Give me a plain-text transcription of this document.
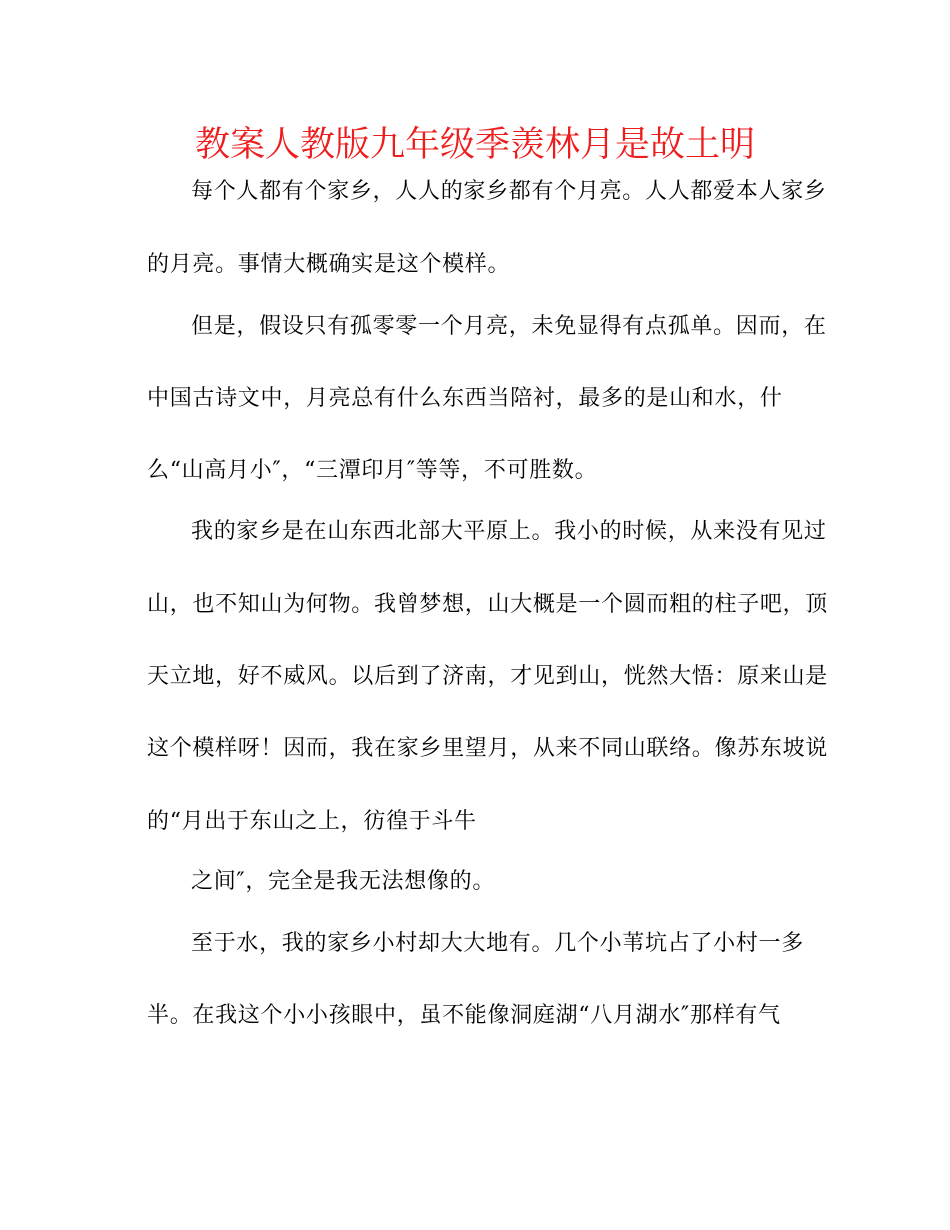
教案人教版九年级季羡林月是故土明
每个人都有个家乡，人人的家乡都有个月亮。人人都爱本人家乡
的月亮。事情大概确实是这个模样。
但是，假设只有孤零零一个月亮，未免显得有点孤单。因而，在
中国古诗文中，月亮总有什么东西当陪衬，最多的是山和水，什
么“山高月小″，“三潭印月″等等，不可胜数。
我的家乡是在山东西北部大平原上。我小的时候，从来没有见过
山，也不知山为何物。我曾梦想，山大概是一个圆而粗的柱子吧，顶
天立地，好不威风。以后到了济南，才见到山，恍然大悟：原来山是
这个模样呀！因而，我在家乡里望月，从来不同山联络。像苏东坡说
的“月出于东山之上，彷徨于斗牛
之间″，完全是我无法想像的。
至于水，我的家乡小村却大大地有。几个小苇坑占了小村一多
半。在我这个小小孩眼中，虽不能像洞庭湖“八月湖水″那样有气
